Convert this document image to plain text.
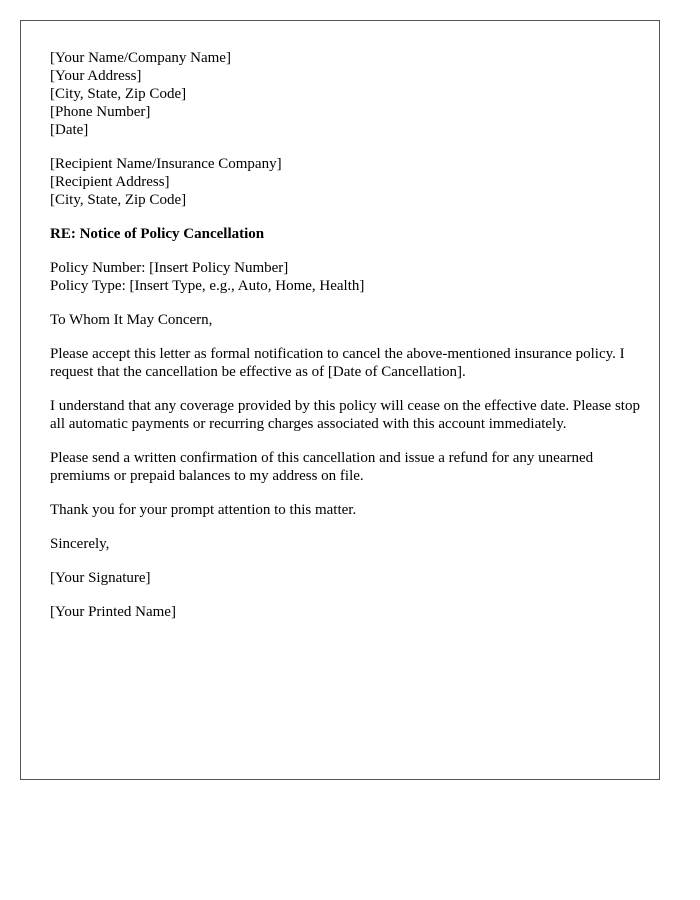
[Your Name/Company Name]
[Your Address]
[City, State, Zip Code]
[Phone Number]
[Date]
[Recipient Name/Insurance Company]
[Recipient Address]
[City, State, Zip Code]
RE: Notice of Policy Cancellation
Policy Number: [Insert Policy Number]
Policy Type: [Insert Type, e.g., Auto, Home, Health]

To Whom It May Concern,

Please accept this letter as formal notification to cancel the above-mentioned insurance policy. I request that the cancellation be effective as of [Date of Cancellation].

I understand that any coverage provided by this policy will cease on the effective date. Please stop all automatic payments or recurring charges associated with this account immediately.

Please send a written confirmation of this cancellation and issue a refund for any unearned premiums or prepaid balances to my address on file.

Thank you for your prompt attention to this matter.

Sincerely,

[Your Signature]

[Your Printed Name]
